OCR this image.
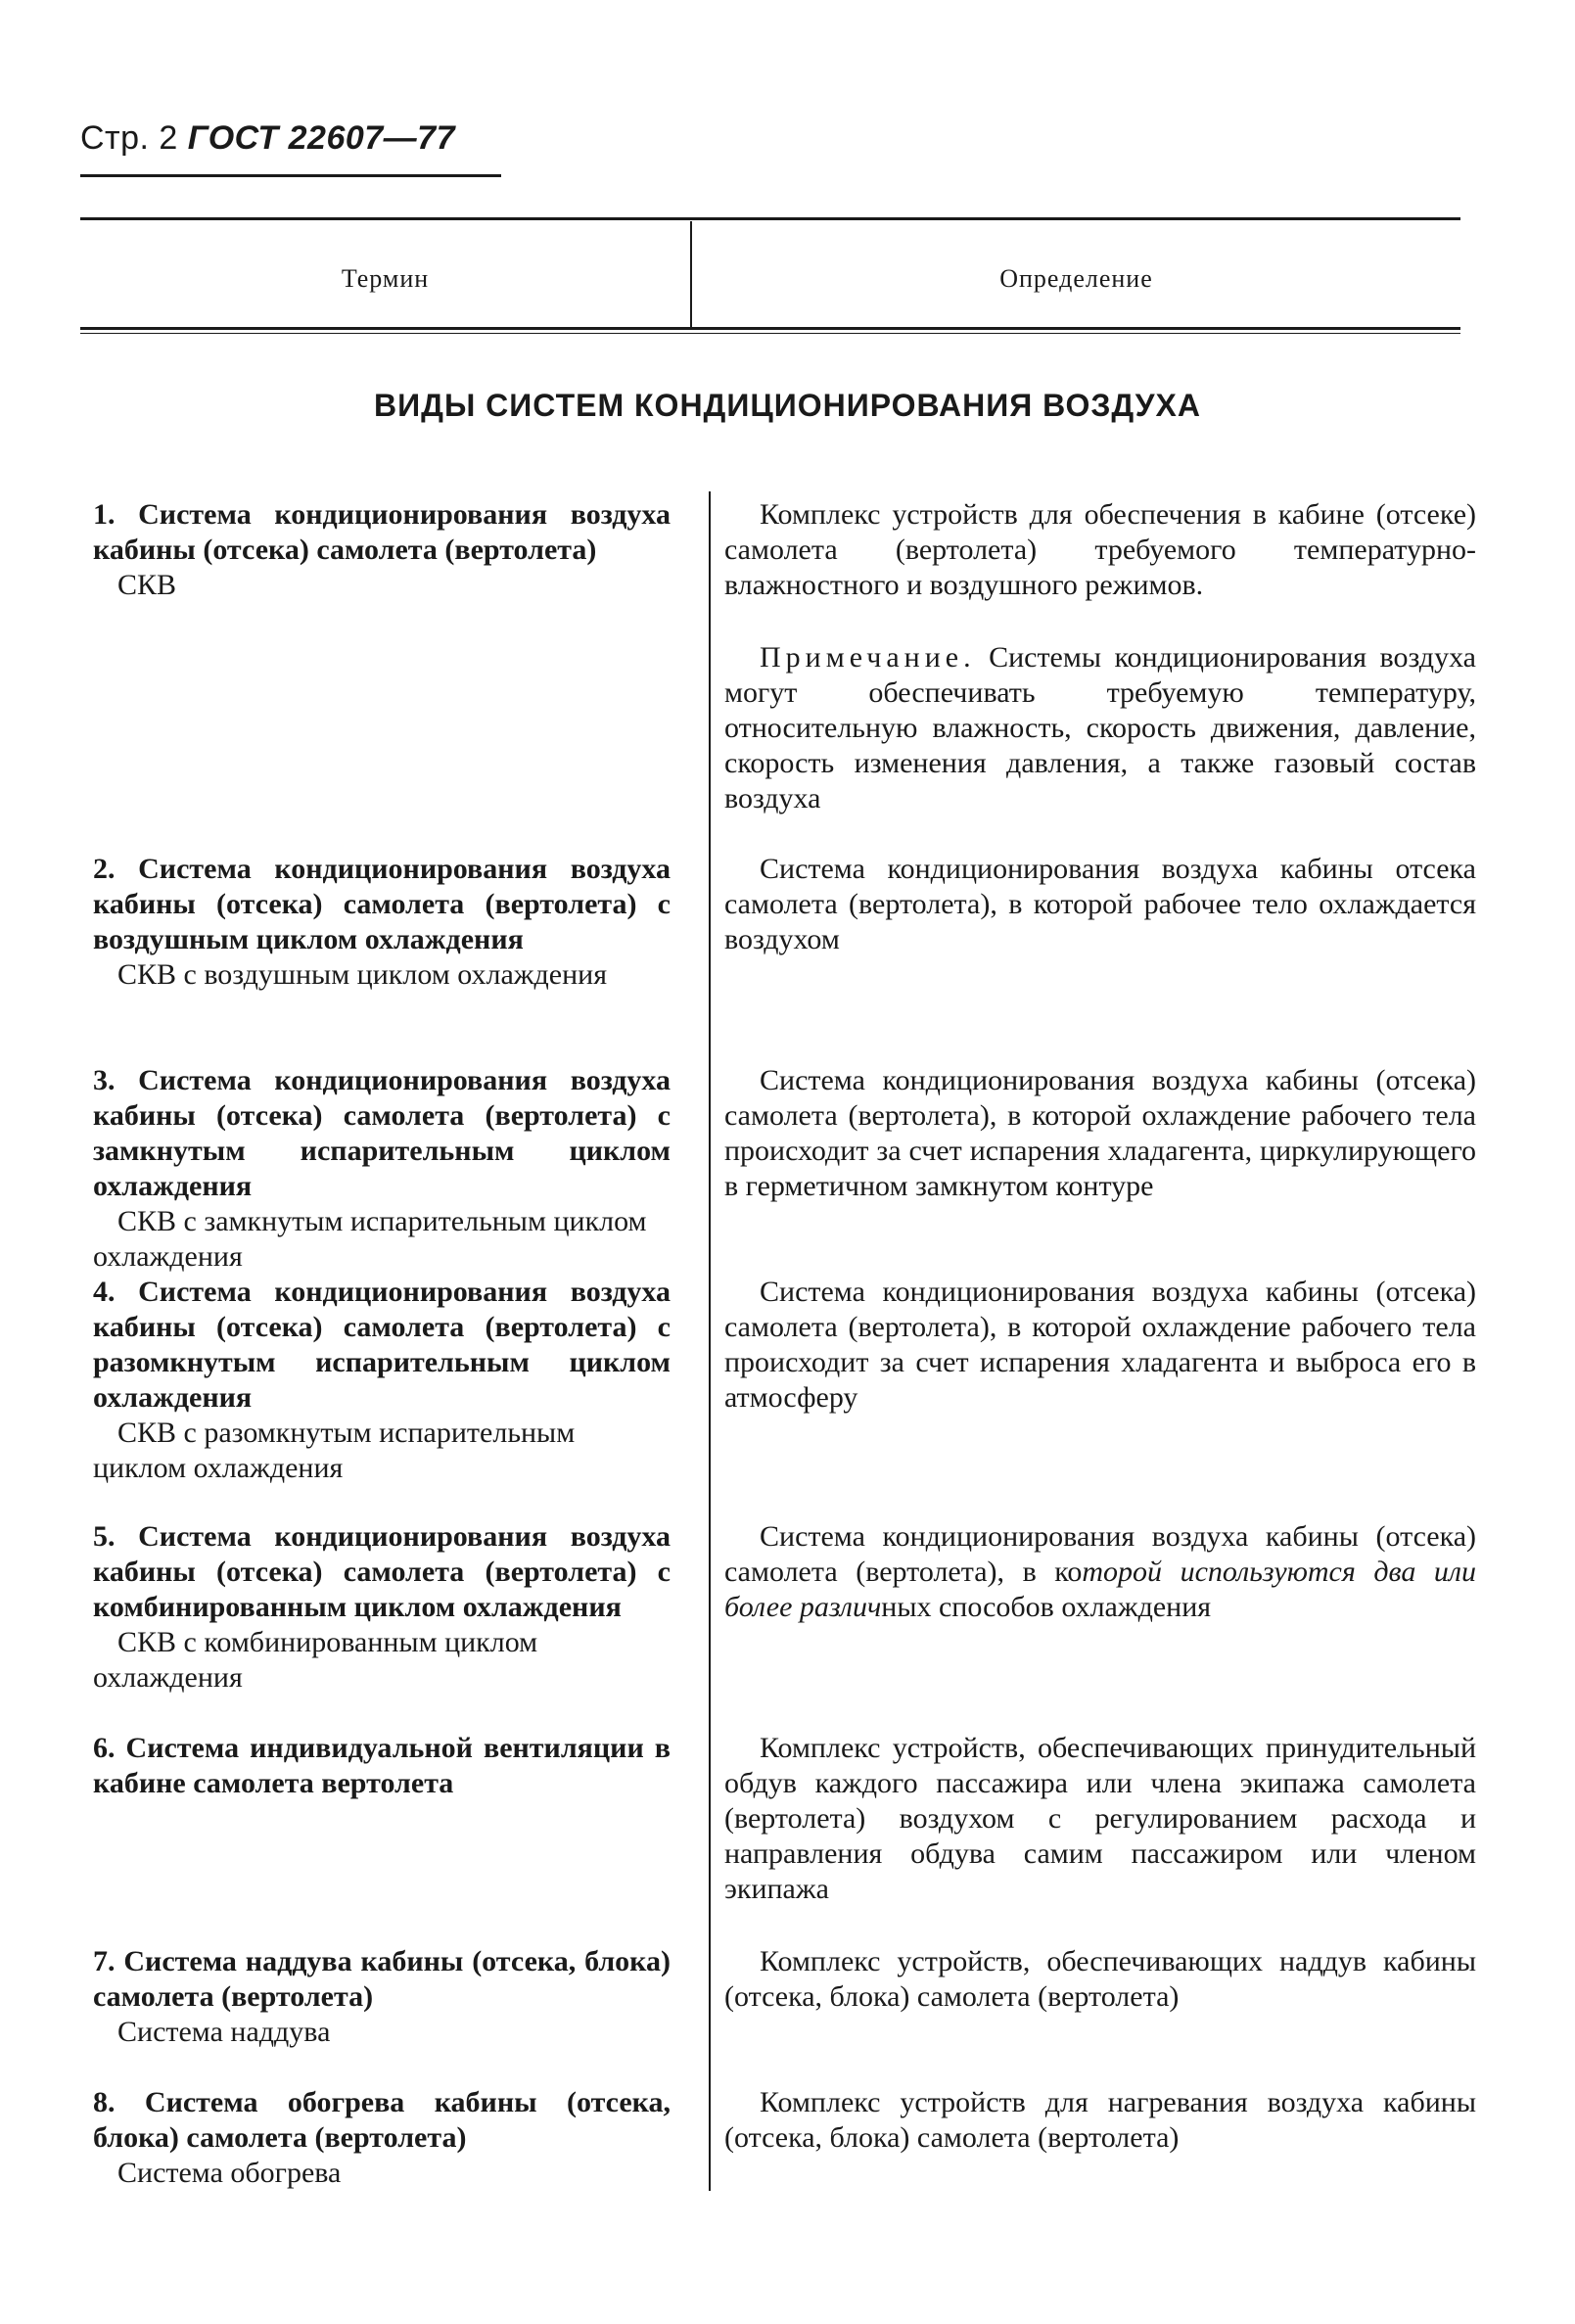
Стр. 2 ГОСТ 22607—77
Термин	Определение
ВИДЫ СИСТЕМ КОНДИЦИОНИРОВАНИЯ ВОЗДУХА
1. Система кондиционирования воздуха кабины (отсека) самолета (вертолета)
СКВ
Комплекс устройств для обеспечения в кабине (отсеке) самолета (вертолета) требуемого температурно-влажностного и воздушного режимов.
Примечание. Системы кондиционирования воздуха могут обеспечивать требуемую температуру, относительную влажность, скорость движения, давление, скорость изменения давления, а также газовый состав воздуха
2. Система кондиционирования воздуха кабины (отсека) самолета (вертолета) с воздушным циклом охлаждения
СКВ с воздушным циклом охлаждения
Система кондиционирования воздуха кабины отсека самолета (вертолета), в которой рабочее тело охлаждается воздухом
3. Система кондиционирования воздуха кабины (отсека) самолета (вертолета) с замкнутым испарительным циклом охлаждения
СКВ с замкнутым испарительным циклом охлаждения
Система кондиционирования воздуха кабины (отсека) самолета (вертолета), в которой охлаждение рабочего тела происходит за счет испарения хладагента, циркулирующего в герметичном замкнутом контуре
4. Система кондиционирования воздуха кабины (отсека) самолета (вертолета) с разомкнутым испарительным циклом охлаждения
СКВ с разомкнутым испарительным циклом охлаждения
Система кондиционирования воздуха кабины (отсека) самолета (вертолета), в которой охлаждение рабочего тела происходит за счет испарения хладагента и выброса его в атмосферу
5. Система кондиционирования воздуха кабины (отсека) самолета (вертолета) с комбинированным циклом охлаждения
СКВ с комбинированным циклом охлаждения
Система кондиционирования воздуха кабины (отсека) самолета (вертолета), в которой используются два или более различных способов охлаждения
6. Система индивидуальной вентиляции в кабине самолета вертолета
Комплекс устройств, обеспечивающих принудительный обдув каждого пассажира или члена экипажа самолета (вертолета) воздухом с регулированием расхода и направления обдува самим пассажиром или членом экипажа
7. Система наддува кабины (отсека, блока) самолета (вертолета)
Система наддува
Комплекс устройств, обеспечивающих наддув кабины (отсека, блока) самолета (вертолета)
8. Система обогрева кабины (отсека, блока) самолета (вертолета)
Система обогрева
Комплекс устройств для нагревания воздуха кабины (отсека, блока) самолета (вертолета)
